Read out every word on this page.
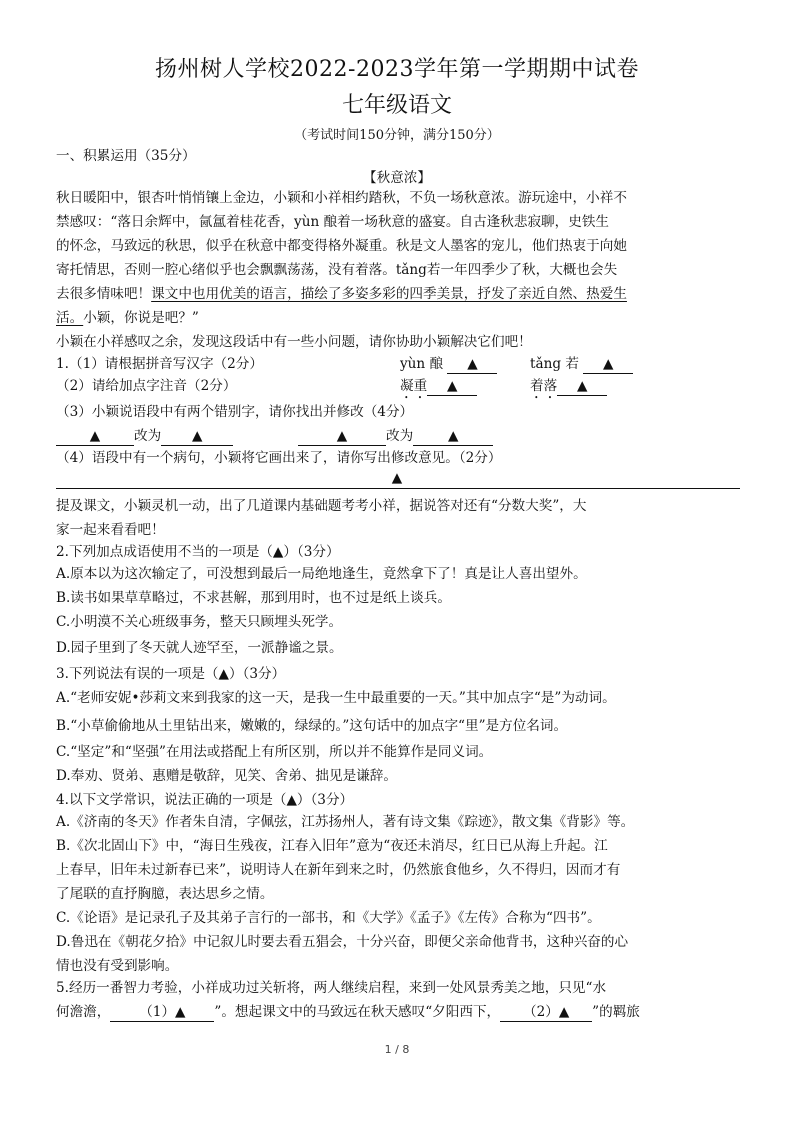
扬州树人学校2022-2023学年第一学期期中试卷
七年级语文
（考试时间150分钟，满分150分）
一、积累运用（35分）
【秋意浓】
秋日暖阳中，银杏叶悄悄镶上金边，小颖和小祥相约踏秋，不负一场秋意浓。游玩途中，小祥不
禁感叹：“落日余辉中，氤氲着桂花香，yùn 酿着一场秋意的盛宴。自古逢秋悲寂聊，史铁生
的怀念，马致远的秋思，似乎在秋意中都变得格外凝重。秋是文人墨客的宠儿，他们热衷于向她
寄托情思，否则一腔心绪似乎也会飘飘荡荡，没有着落。tǎng若一年四季少了秋，大概也会失
去很多情味吧！课文中也用优美的语言，描绘了多姿多彩的四季美景，抒发了亲近自然、热爱生
活。小颖，你说是吧？”
小颖在小祥感叹之余，发现这段话中有一些小问题，请你协助小颖解决它们吧！
1.（1）请根据拼音写汉字（2分）	yùn 酿 ▲	tǎng 若 ▲
（2）请给加点字注音（2分）	凝重 ▲	着落 ▲
（3）小颖说语段中有两个错别字，请你找出并修改（4分）
▲ 改为 ▲	▲	改为	▲
（4）语段中有一个病句，小颖将它画出来了，请你写出修改意见。（2分）
▲
提及课文，小颖灵机一动，出了几道课内基础题考考小祥，据说答对还有“分数大奖”，大
家一起来看看吧！
2.下列加点成语使用不当的一项是（▲）（3分）
A.原本以为这次输定了，可没想到最后一局绝地逢生，竟然拿下了！真是让人喜出望外。
B.读书如果草草略过，不求甚解，那到用时，也不过是纸上谈兵。
C.小明漠不关心班级事务，整天只顾埋头死学。
D.园子里到了冬天就人迹罕至，一派静谧之景。
3.下列说法有误的一项是（▲）（3分）
A.“老师安妮•莎莉文来到我家的这一天，是我一生中最重要的一天。”其中加点字“是”为动词。
B.“小草偷偷地从土里钻出来，嫩嫩的，绿绿的。”这句话中的加点字“里”是方位名词。
C.“坚定”和“坚强”在用法或搭配上有所区别，所以并不能算作是同义词。
D.奉劝、贤弟、惠赠是敬辞，见笑、舍弟、拙见是谦辞。
4.以下文学常识，说法正确的一项是（▲）（3分）
A.《济南的冬天》作者朱自清，字佩弦，江苏扬州人，著有诗文集《踪迹》，散文集《背影》等。
B.《次北固山下》中，“海日生残夜，江春入旧年”意为“夜还未消尽，红日已从海上升起。江
上春早，旧年未过新春已来”，说明诗人在新年到来之时，仍然旅食他乡，久不得归，因而才有
了尾联的直抒胸臆，表达思乡之情。
C.《论语》是记录孔子及其弟子言行的一部书，和《大学》《孟子》《左传》合称为“四书”。
D.鲁迅在《朝花夕拾》中记叙儿时要去看五猖会，十分兴奋，即便父亲命他背书，这种兴奋的心
情也没有受到影响。
5.经历一番智力考验，小祥成功过关斩将，两人继续启程，来到一处风景秀美之地，只见“水
何澹澹， （1）▲ ”。想起课文中的马致远在秋天感叹“夕阳西下， （2）▲ ”的羁旅
1 / 8
